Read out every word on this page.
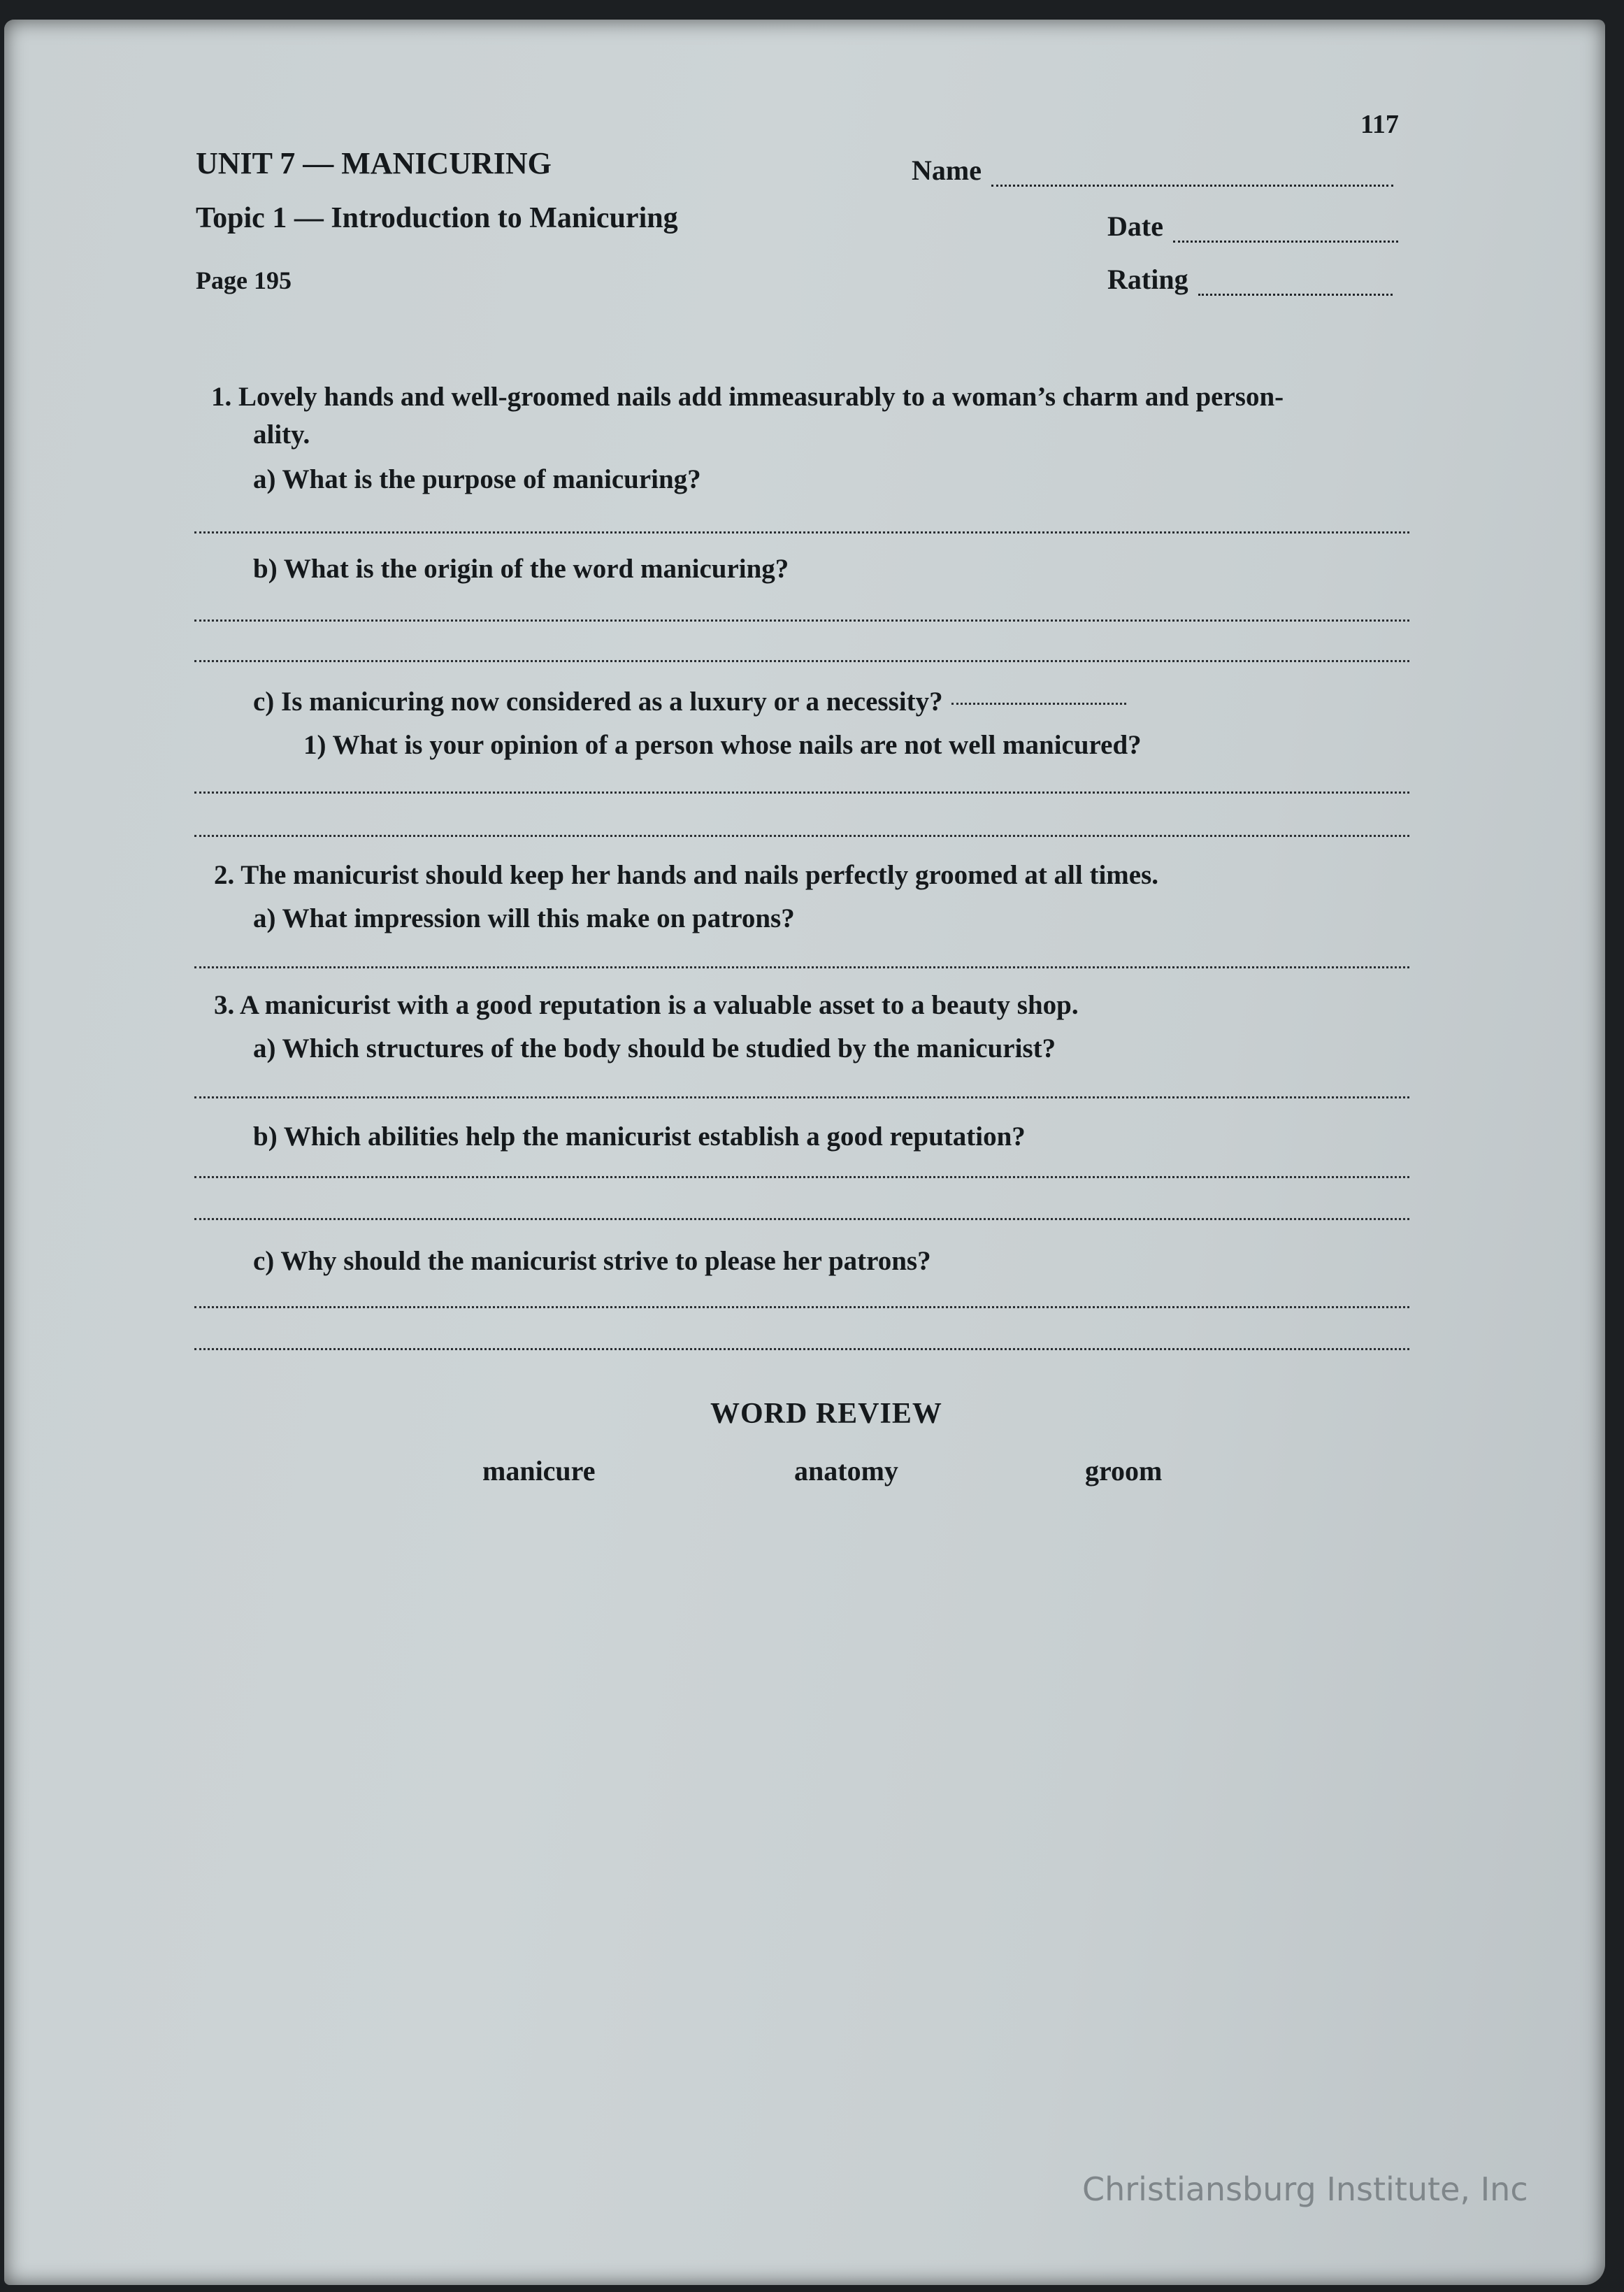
117
UNIT 7 — MANICURING
Topic 1 — Introduction to Manicuring
Page 195
Name
Date
Rating
1. Lovely hands and well-groomed nails add immeasurably to a woman’s charm and person-
ality.
a) What is the purpose of manicuring?
b) What is the origin of the word manicuring?
c) Is manicuring now considered as a luxury or a necessity?
1) What is your opinion of a person whose nails are not well manicured?
2. The manicurist should keep her hands and nails perfectly groomed at all times.
a) What impression will this make on patrons?
3. A manicurist with a good reputation is a valuable asset to a beauty shop.
a) Which structures of the body should be studied by the manicurist?
b) Which abilities help the manicurist establish a good reputation?
c) Why should the manicurist strive to please her patrons?
WORD REVIEW
manicure	anatomy	groom
Christiansburg Institute, Inc
